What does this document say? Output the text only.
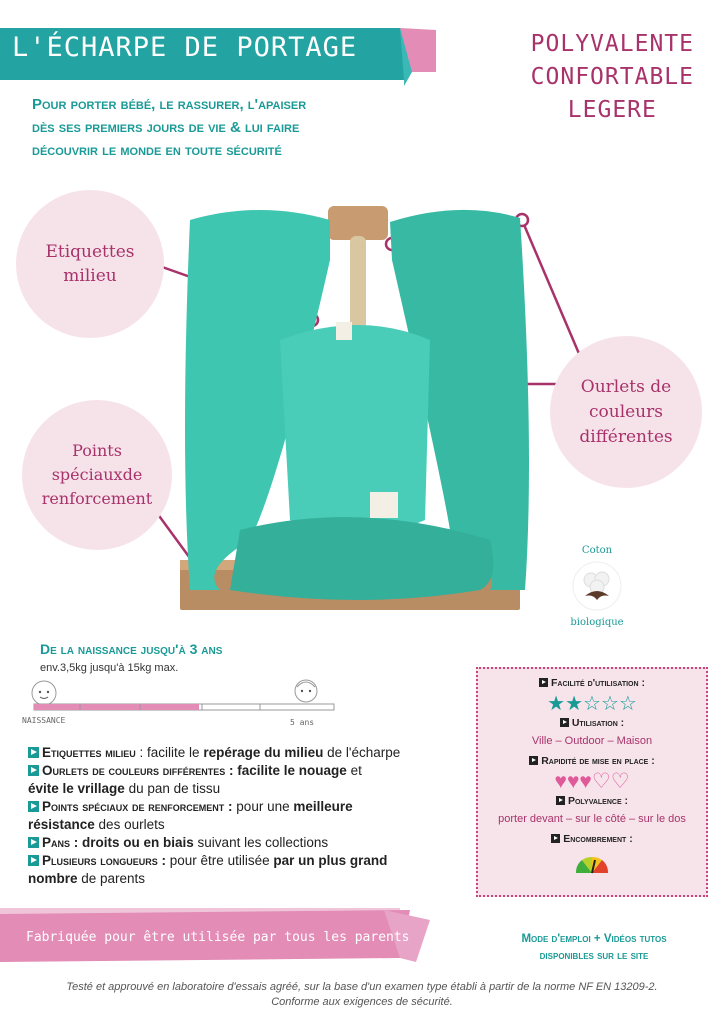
L'ÉCHARPE DE PORTAGE
Pour porter bébé, le rassurer, l'apaiser
dès ses premiers jours de vie & lui faire
découvrir le monde en toute sécurité
POLYVALENTE
CONFORTABLE
LEGERE
Etiquettes
milieu
Ourlets de
couleurs
différentes
Points
spéciauxde
renforcement
Coton
biologique
De la naissance jusqu'à 3 ans
env.3,5kg jusqu'à 15kg max.
NAISSANCE	5 ans
Etiquettes milieu : facilite le repérage du milieu de l'écharpe
Ourlets de couleurs différentes : facilite le nouage et
évite le vrillage du pan de tissu
Points spéciaux de renforcement : pour une meilleure
résistance des ourlets
Pans : droits ou en biais suivant les collections
Plusieurs longueurs : pour être utilisée par un plus grand
nombre de parents
Facilité d'utilisation :
★★☆☆☆
Utilisation :
Ville – Outdoor – Maison
Rapidité de mise en place :
♥♥♥♡♡
Polyvalence :
porter devant – sur le côté – sur le dos
Encombrement :
Fabriquée pour être utilisée par tous les parents	Mode d'emploi + Vidéos tutos
disponibles sur le site
Testé et approuvé en laboratoire d'essais agréé, sur la base d'un examen type établi à partir de la norme NF EN 13209-2.
Conforme aux exigences de sécurité.
